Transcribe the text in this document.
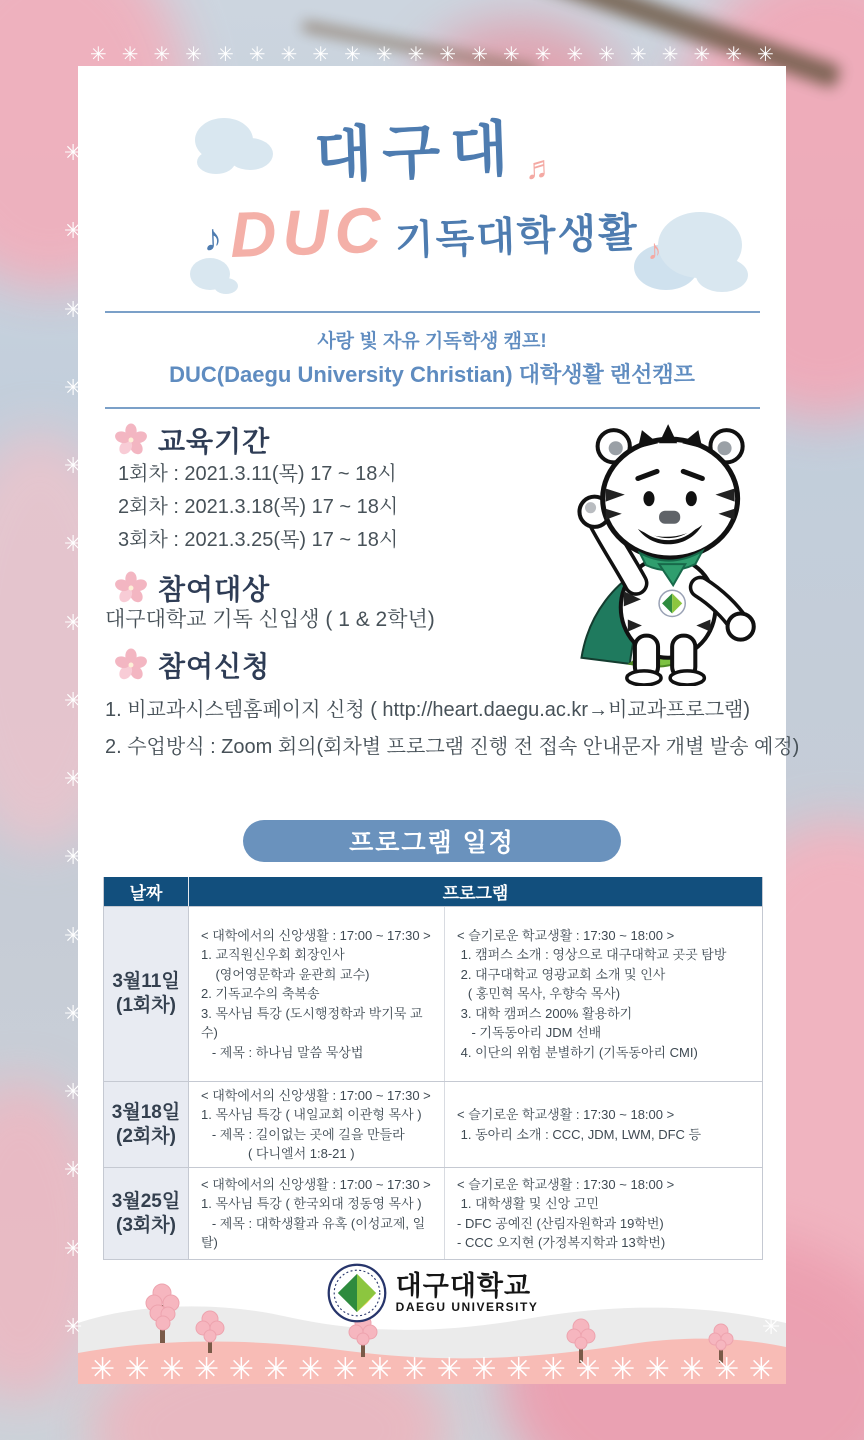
대구대 ♬
♪ DUC 기독대학생활 ♪
사랑 빛 자유 기독학생 캠프!
DUC(Daegu University Christian) 대학생활 랜선캠프
교육기간
1회차 : 2021.3.11(목) 17 ~ 18시
2회차 : 2021.3.18(목) 17 ~ 18시
3회차 : 2021.3.25(목) 17 ~ 18시
참여대상
대구대학교 기독 신입생 ( 1 & 2학년)
참여신청
1. 비교과시스템홈페이지 신청 ( http://heart.daegu.ac.kr→비교과프로그램)
2. 수업방식 : Zoom 회의(회차별 프로그램 진행 전 접속 안내문자 개별 발송 예정)
프로그램 일정
날짜	프로그램
3월11일
(1회차)
< 대학에서의 신앙생활 : 17:00 ~ 17:30 >
1. 교직원신우회 회장인사
(영어영문학과 윤관희 교수)
2. 기독교수의 축복송
3. 목사님 특강 (도시행정학과 박기묵 교수)
- 제목 : 하나님 말씀 묵상법
< 슬기로운 학교생활 : 17:30 ~ 18:00 >
1. 캠퍼스 소개 : 영상으로 대구대학교 곳곳 탐방
2. 대구대학교 영광교회 소개 및 인사
( 홍민혁 목사, 우향숙 목사)
3. 대학 캠퍼스 200% 활용하기
- 기독동아리 JDM 선배
4. 이단의 위험 분별하기 (기독동아리 CMI)
3월18일
(2회차)
< 대학에서의 신앙생활 : 17:00 ~ 17:30 >
1. 목사님 특강 ( 내일교회 이관형 목사 )
- 제목 : 길이없는 곳에 길을 만들라
( 다니엘서 1:8-21 )
< 슬기로운 학교생활 : 17:30 ~ 18:00 >
1. 동아리 소개 : CCC, JDM, LWM, DFC 등
3월25일
(3회차)
< 대학에서의 신앙생활 : 17:00 ~ 17:30 >
1. 목사님 특강 ( 한국외대 정동영 목사 )
- 제목 : 대학생활과 유혹 (이성교제, 일탈)
< 슬기로운 학교생활 : 17:30 ~ 18:00 >
1. 대학생활 및 신앙 고민
- DFC 공예진 (산림자원학과 19학번)
- CCC 오지현 (가정복지학과 13학번)
대구대학교
DAEGU UNIVERSITY
✳ ✳ ✳ ✳ ✳ ✳ ✳ ✳ ✳ ✳ ✳ ✳ ✳ ✳ ✳ ✳ ✳ ✳ ✳ ✳ ✳ ✳
✳ ✳ ✳ ✳ ✳ ✳ ✳ ✳ ✳ ✳ ✳ ✳ ✳ ✳ ✳ ✳ ✳ ✳ ✳ ✳
✳
✳
✳
✳
✳
✳
✳
✳
✳
✳
✳
✳
✳
✳
✳
✳
✳
✳
✳
✳
✳
✳
✳
✳
✳
✳
✳
✳
✳
✳
✳
✳
